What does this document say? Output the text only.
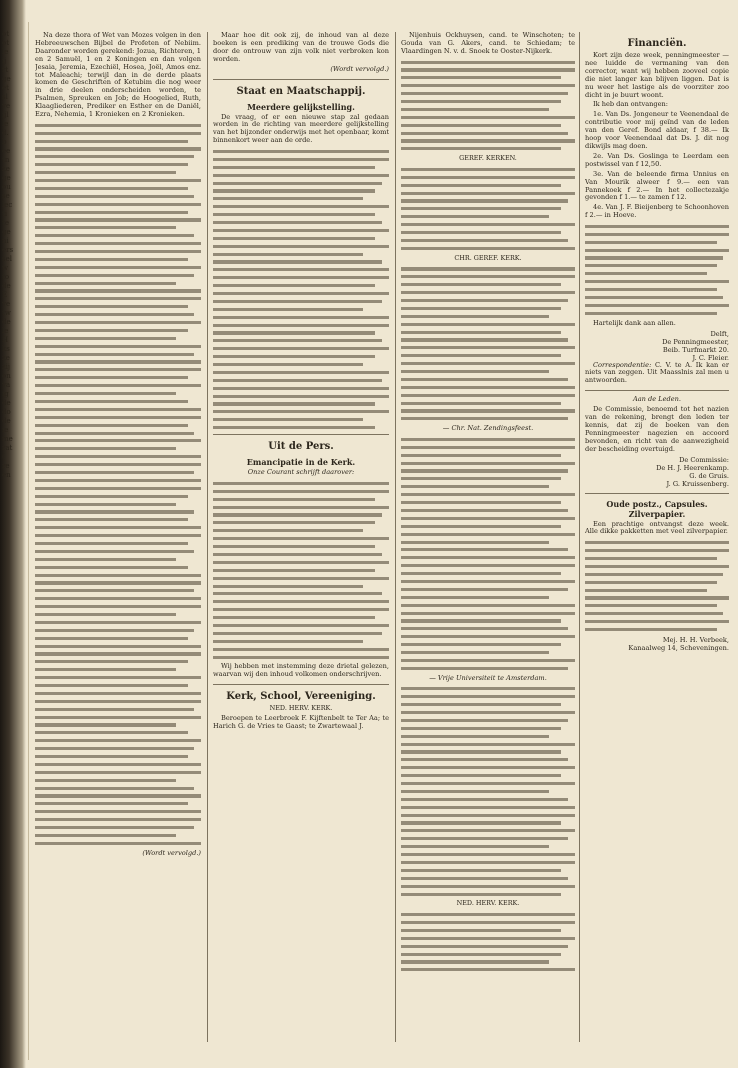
ot
ot
le
ij
rt
ge
et
sl
ve
ijl
le
d.
b
ee
tn
ze
ge
ou
se
lec
ti
te
ge
ni
ers
sel
w
to
de
E
ve
tw
de
le
H
ks
ze
zij
on
va
ig
de
do
de
ie
me
rat
(
re
en

Na deze thora of Wet van Mozes volgen in den Hebreeuwschen Bijbel de Profeten of Nebiim. Daaronder worden gerekend: Jozua, Richteren, 1 en 2 Samuël, 1 en 2 Koningen en dan volgen Jesaia, Jeremia, Ezechiël, Hosea, Joël, Amos enz. tot Maleachi; terwijl dan in de derde plaats komen de Geschriften of Ketubim die nog weer in drie deelen onderscheiden worden, te Psalmen, Spreuken en Job; de Hoogelied, Ruth, Klaagliederen, Prediker en Esther en de Daniël, Ezra, Nehemia, 1 Kronieken en 2 Kronieken.

(Wordt vervolgd.)

Maar hoe dit ook zij, de inhoud van al deze boeken is een prediking van de trouwe Gods die door de ontrouw van zijn volk niet verbroken kon worden.

(Wordt vervolgd.)

Staat en Maatschappij.
Meerdere gelijkstelling.

De vraag, of er een nieuwe stap zal gedaan worden in de richting van meerdere gelijkstelling van het bijzonder onderwijs met het openbaar, komt binnenkort weer aan de orde.

Uit de Pers.
Emancipatie in de Kerk.

Onze Courant schrijft daarover:

Wij hebben met instemming deze drietal gelezen, waarvan wij den inhoud volkomen onderschrijven.

Kerk, School, Vereeniging.
NED. HERV. KERK.

Beroepen te Leerbroek F. Kijftenbelt te Ter Aa; te Harich G. de Vries te Gaast; te Zwartewaal J.

Nijenhuis Ockhuysen, cand. te Winschoten; te Gouda van G. Akers, cand. te Schiedam; te Vlaardingen N. v. d. Snoek te Ooster-Nijkerk.

GEREF. KERKEN.
CHR. GEREF. KERK.

— Chr. Nat. Zendingsfeest.

— Vrije Universiteit te Amsterdam.

NED. HERV. KERK.
Financiën.

Kort zijn deze week, penningmeester — nee luidde de vermaning van den corrector, want wij hebben zooveel copie die niet langer kan blijven liggen. Dat is nu weer het lastige als de voorziter zoo dicht in je buurt woont.

Ik heb dan ontvangen:

1e. Van Ds. Jongeneur te Veenendaal de contributie voor mij geïnd van de leden van den Geref. Bond aldaar, f 38.— Ik hoop voor Veenendaal dat Ds. J. dit nog dikwijls mag doen.

2e. Van Ds. Goslinga te Leerdam een postwissel van f 12,50.

3e. Van de beleende firma Unnius en Van Mourik alweer f 9.— een van Pannekoek f 2.— In het collectezakje gevonden f 1.— te zamen f 12.

4e. Van J. F. Bieijenberg te Schoonhoven f 2.— in Hoeve.

Hartelijk dank aan allen.

Delft,
De Penningmeester,
Beib. Turfmarkt 20.
J. C. Fleier.

Correspondentie: C. V. te A. Ik kan er niets van zeggen. Uit Maasslnis zal men u antwoorden.

Aan de Leden.

De Commissie, benoemd tot het nazien van de rekening, brengt den leden ter kennis, dat zij de boeken van den Penningmeester nagezien en accoord bevonden, en richt van de aanwezigheid der bescheiding overtuigd.

De Commissie:
De H. J. Heerenkamp.
G. de Gruis.
J. G. Kruissenberg.
Oude postz., Capsules. Zilverpapier.

Een prachtige ontvangst deze week. Alle dikke pakketten met veel zilverpapier.

Mej. H. H. Verbeek,
Kanaalweg 14, Scheveningen.
